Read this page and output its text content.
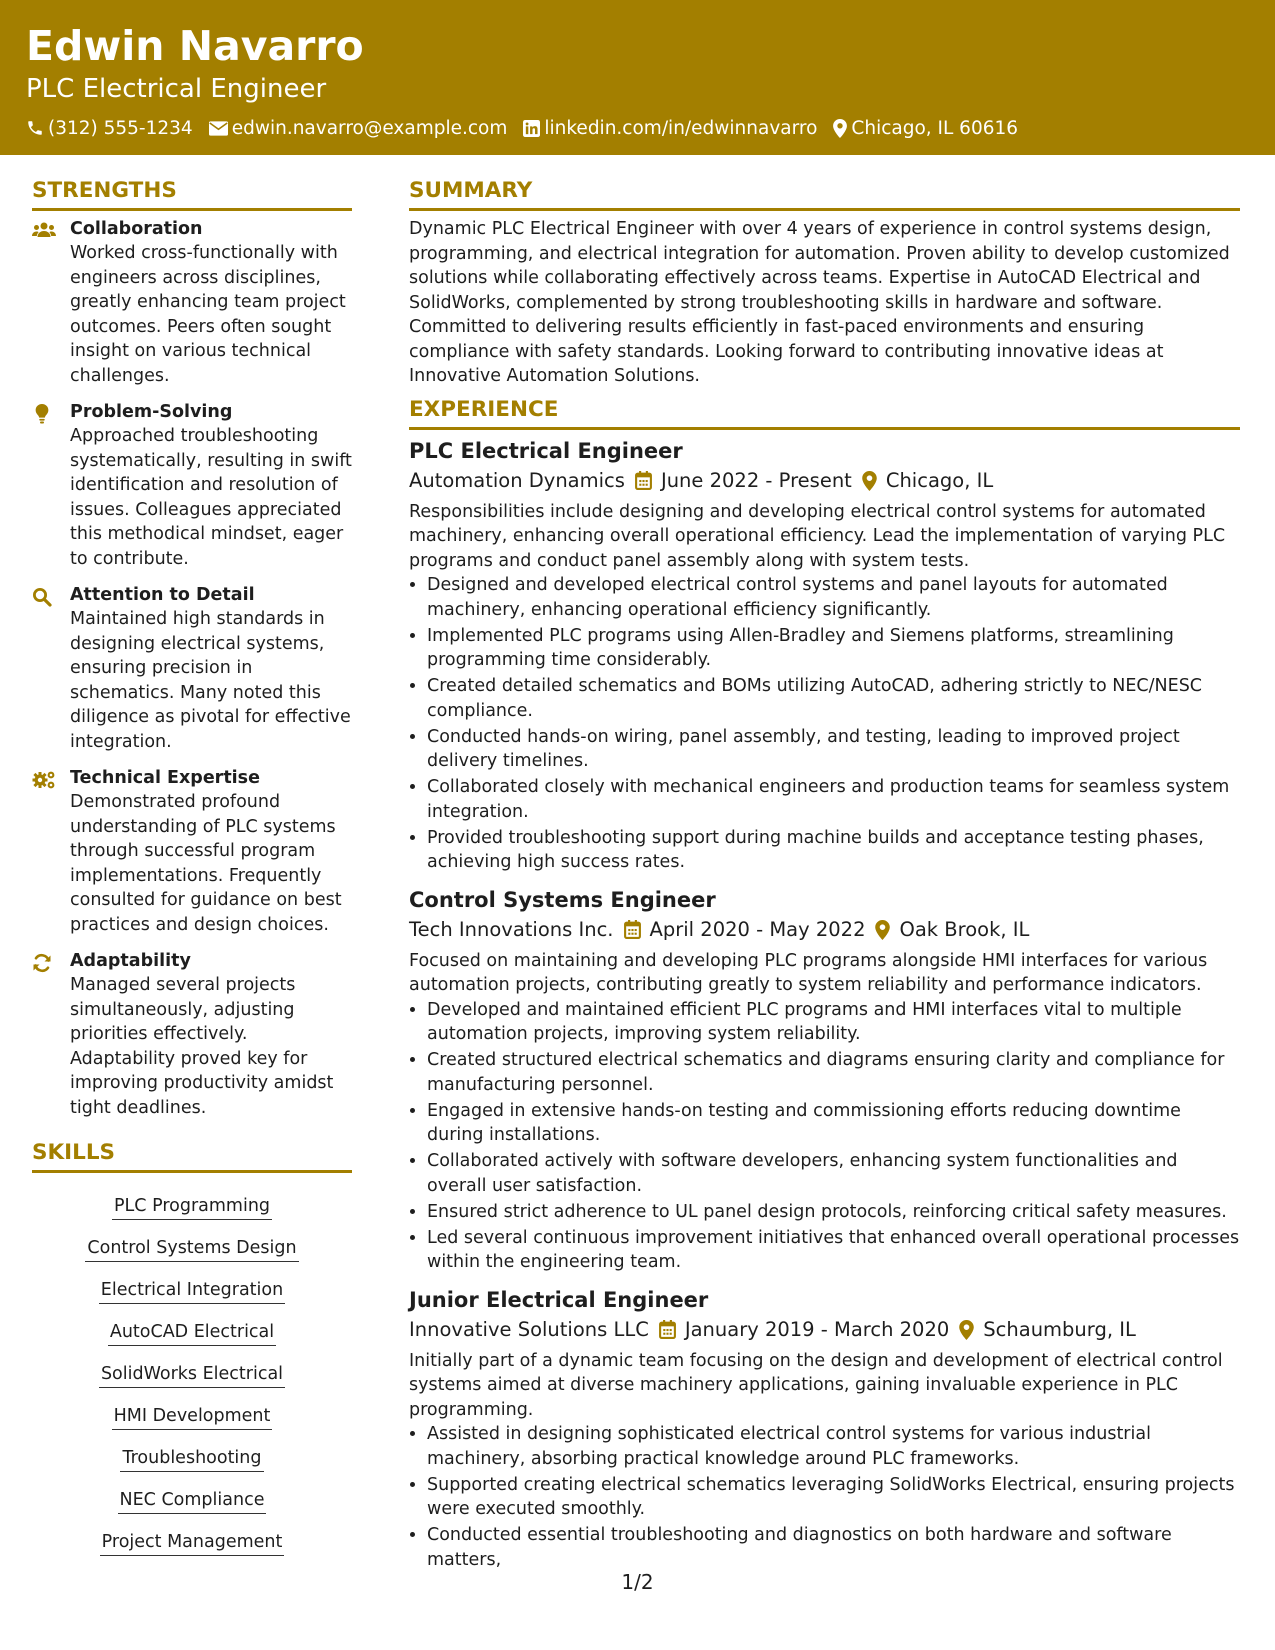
Edwin Navarro
PLC Electrical Engineer
(312) 555-1234 edwin.navarro@example.com linkedin.com/in/edwinnavarro Chicago, IL 60616
STRENGTHS
Collaboration
Worked cross-functionally with engineers across disciplines, greatly enhancing team project outcomes. Peers often sought insight on various technical challenges.
Problem-Solving
Approached troubleshooting systematically, resulting in swift identification and resolution of issues. Colleagues appreciated this methodical mindset, eager to contribute.
Attention to Detail
Maintained high standards in designing electrical systems, ensuring precision in schematics. Many noted this diligence as pivotal for effective integration.
Technical Expertise
Demonstrated profound understanding of PLC systems through successful program implementations. Frequently consulted for guidance on best practices and design choices.
Adaptability
Managed several projects simultaneously, adjusting priorities effectively. Adaptability proved key for improving productivity amidst tight deadlines.
SKILLS
PLC Programming
Control Systems Design
Electrical Integration
AutoCAD Electrical
SolidWorks Electrical
HMI DevelopmentTroubleshooting
NEC Compliance
Project Management
SUMMARY
Dynamic PLC Electrical Engineer with over 4 years of experience in control systems design, programming, and electrical integration for automation. Proven ability to develop customized solutions while collaborating effectively across teams. Expertise in AutoCAD Electrical and SolidWorks, complemented by strong troubleshooting skills in hardware and software. Committed to delivering results efficiently in fast-paced environments and ensuring compliance with safety standards. Looking forward to contributing innovative ideas at Innovative Automation Solutions.
EXPERIENCE
PLC Electrical Engineer
Automation Dynamics June 2022 - Present Chicago, IL
Responsibilities include designing and developing electrical control systems for automated machinery, enhancing overall operational efficiency. Lead the implementation of varying PLC programs and conduct panel assembly along with system tests.
• Designed and developed electrical control systems and panel layouts for automated machinery, enhancing operational efficiency significantly.
• Implemented PLC programs using Allen-Bradley and Siemens platforms, streamlining programming time considerably.
• Created detailed schematics and BOMs utilizing AutoCAD, adhering strictly to NEC/NESC compliance.
• Conducted hands-on wiring, panel assembly, and testing, leading to improved project delivery timelines.
• Collaborated closely with mechanical engineers and production teams for seamless system integration.
• Provided troubleshooting support during machine builds and acceptance testing phases, achieving high success rates.
Control Systems Engineer
Tech Innovations Inc. April 2020 - May 2022 Oak Brook, IL
Focused on maintaining and developing PLC programs alongside HMI interfaces for various automation projects, contributing greatly to system reliability and performance indicators.
• Developed and maintained efficient PLC programs and HMI interfaces vital to multiple automation projects, improving system reliability.
• Created structured electrical schematics and diagrams ensuring clarity and compliance for manufacturing personnel.
• Engaged in extensive hands-on testing and commissioning efforts reducing downtime during installations.
• Collaborated actively with software developers, enhancing system functionalities and overall user satisfaction.
• Ensured strict adherence to UL panel design protocols, reinforcing critical safety measures.
• Led several continuous improvement initiatives that enhanced overall operational processes within the engineering team.
Junior Electrical Engineer
Innovative Solutions LLC January 2019 - March 2020 Schaumburg, IL
Initially part of a dynamic team focusing on the design and development of electrical control systems aimed at diverse machinery applications, gaining invaluable experience in PLC programming.
• Assisted in designing sophisticated electrical control systems for various industrial machinery, absorbing practical knowledge around PLC frameworks.
• Supported creating electrical schematics leveraging SolidWorks Electrical, ensuring projects were executed smoothly.
• Conducted essential troubleshooting and diagnostics on both hardware and software matters,
1/2
